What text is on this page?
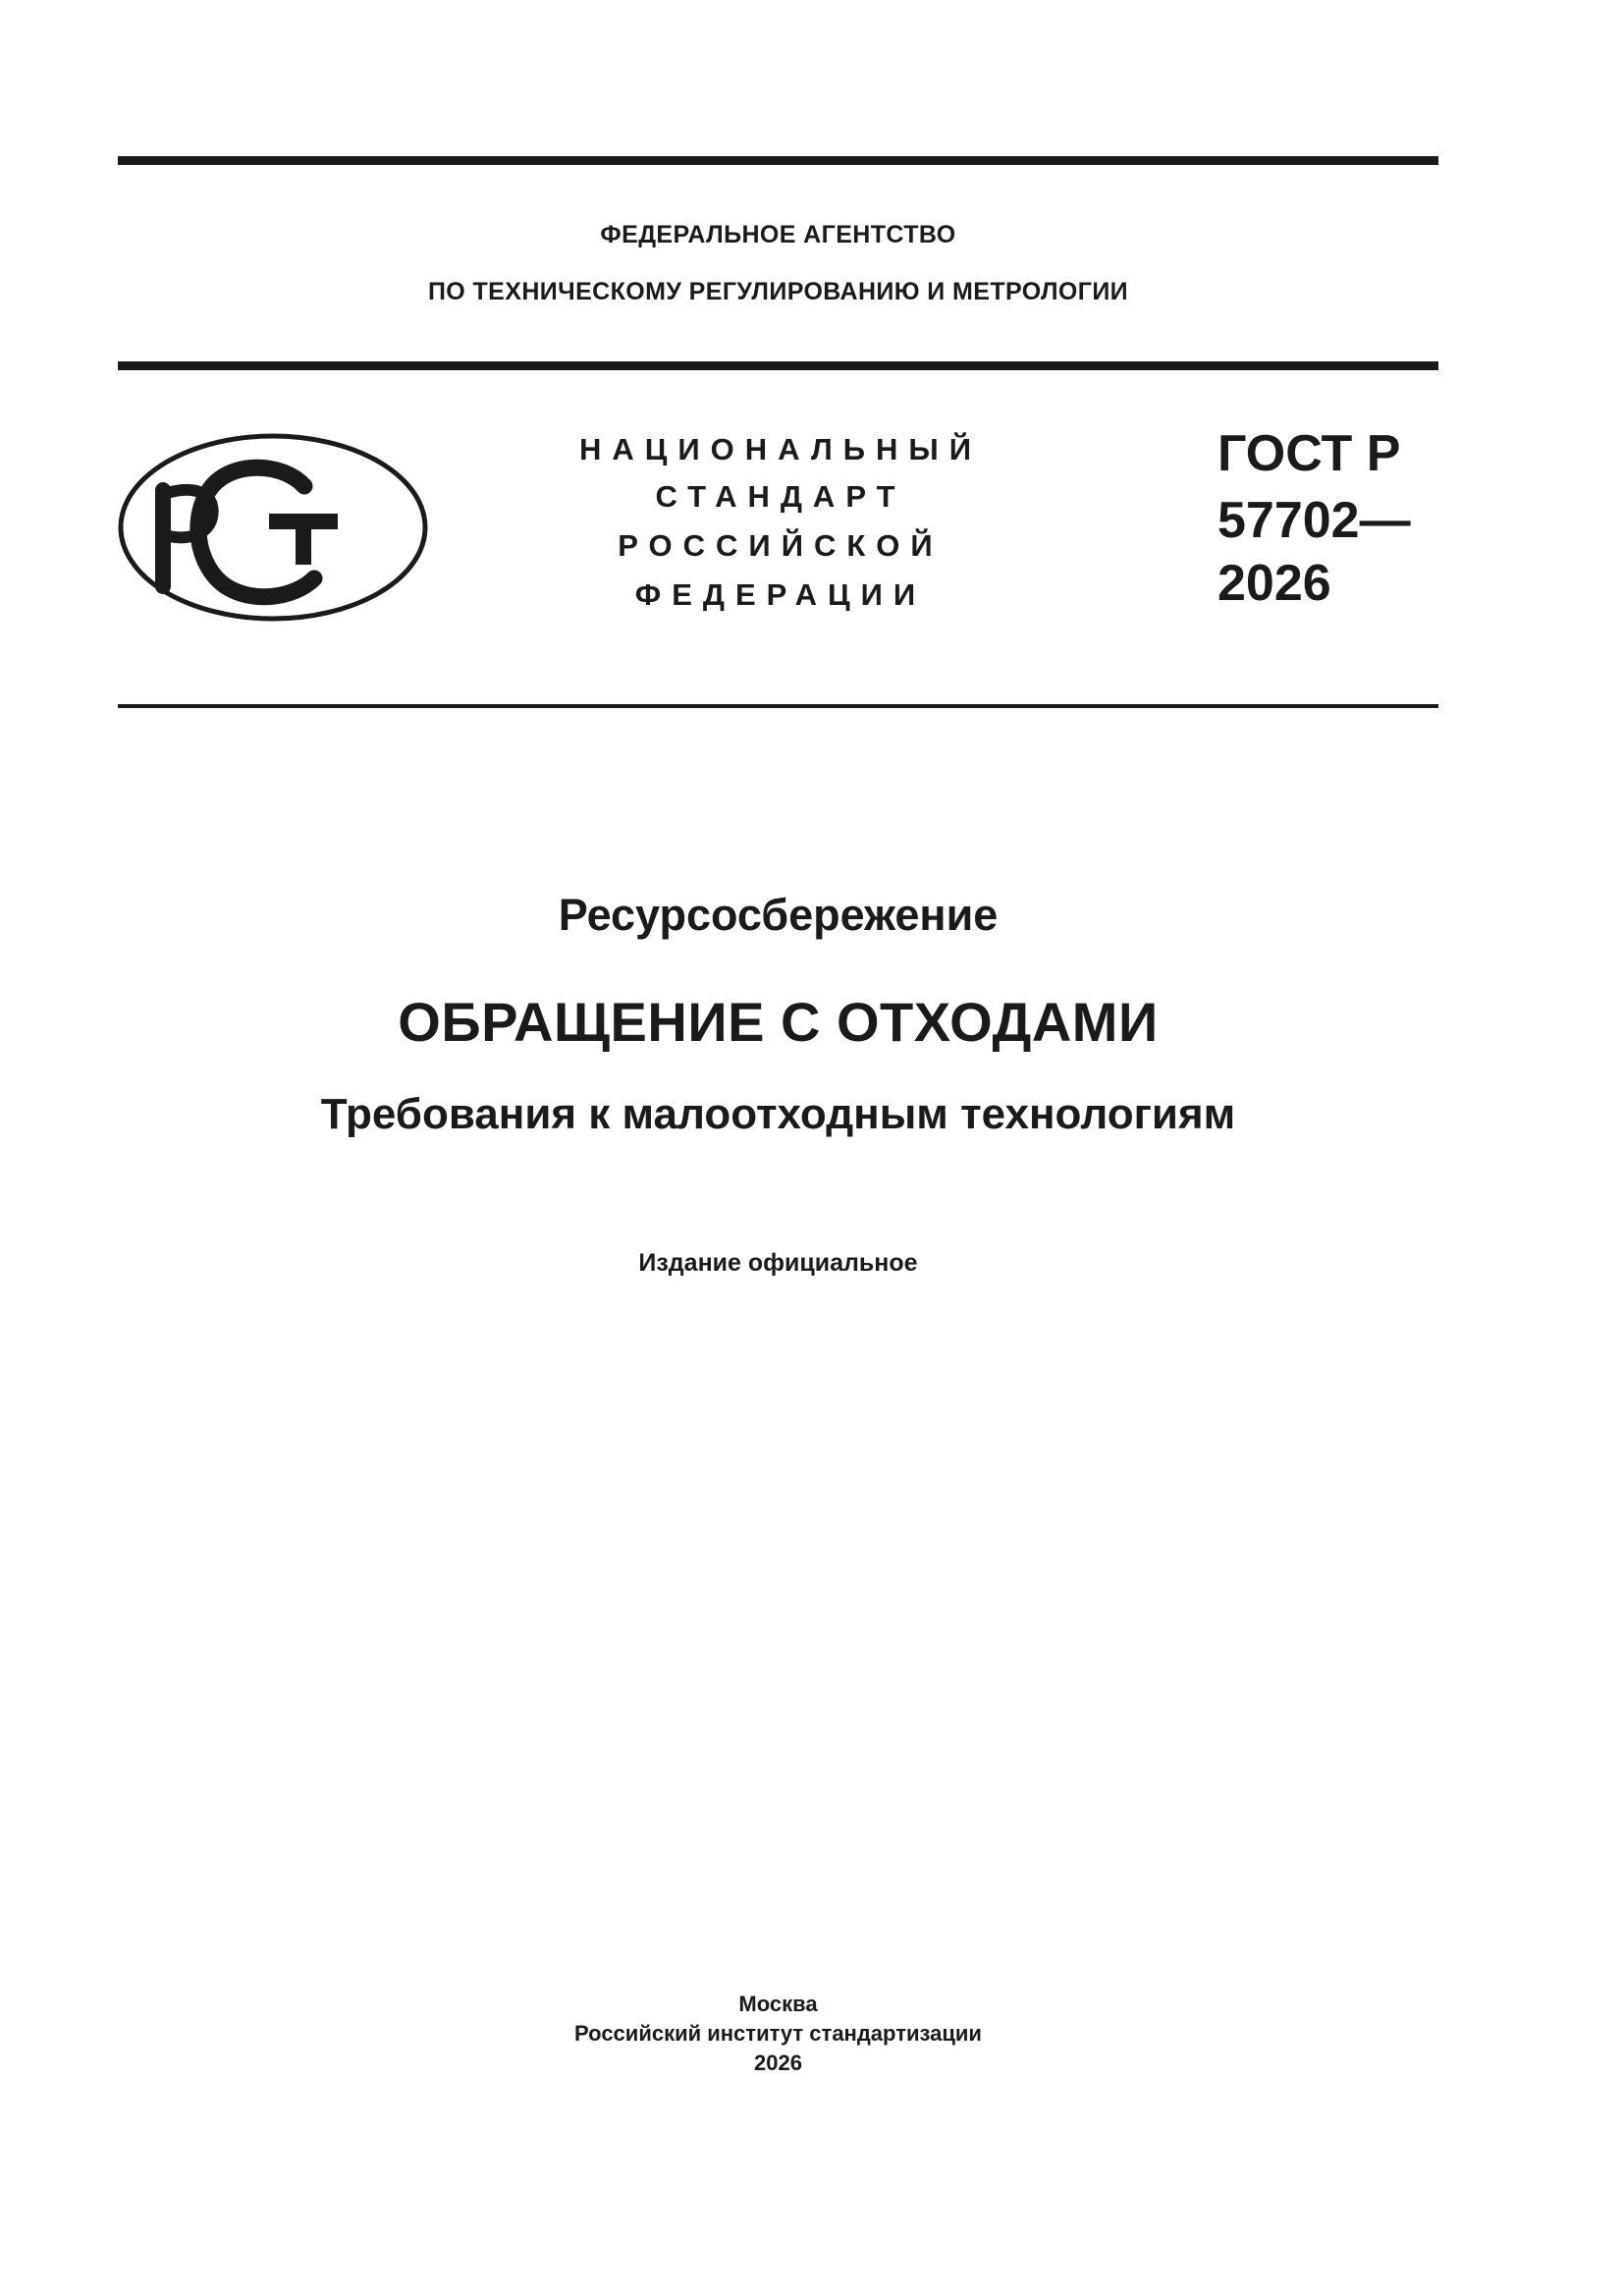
ФЕДЕРАЛЬНОЕ АГЕНТСТВО
ПО ТЕХНИЧЕСКОМУ РЕГУЛИРОВАНИЮ И МЕТРОЛОГИИ
НАЦИОНАЛЬНЫЙ
СТАНДАРТ
РОССИЙСКОЙ
ФЕДЕРАЦИИ
ГОСТ Р
57702—
2026
Ресурсосбережение
ОБРАЩЕНИЕ С ОТХОДАМИ
Требования к малоотходным технологиям
Издание официальное
Москва
Российский институт стандартизации
2026
